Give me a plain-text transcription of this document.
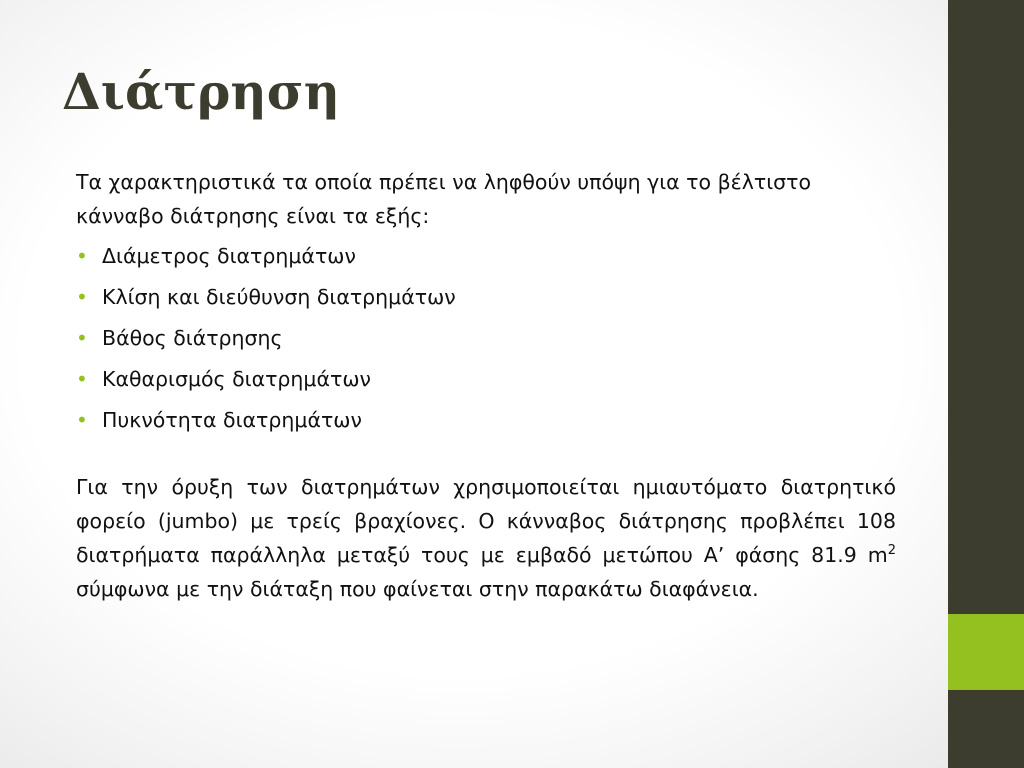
Διάτρηση

Τα χαρακτηριστικά τα οποία πρέπει να ληφθούν υπόψη για το βέλτιστο κάνναβο διάτρησης είναι τα εξής:

• Διάμετρος διατρημάτων
• Κλίση και διεύθυνση διατρημάτων
• Βάθος διάτρησης
• Καθαρισμός διατρημάτων
• Πυκνότητα διατρημάτων

Για την όρυξη των διατρημάτων χρησιμοποιείται ημιαυτόματο διατρητικό φορείο (jumbo) με τρείς βραχίονες. Ο κάνναβος διάτρησης προβλέπει 108 διατρήματα παράλληλα μεταξύ τους με εμβαδό μετώπου Α’ φάσης 81.9 $m^2$ σύμφωνα με την διάταξη που φαίνεται στην παρακάτω διαφάνεια.
